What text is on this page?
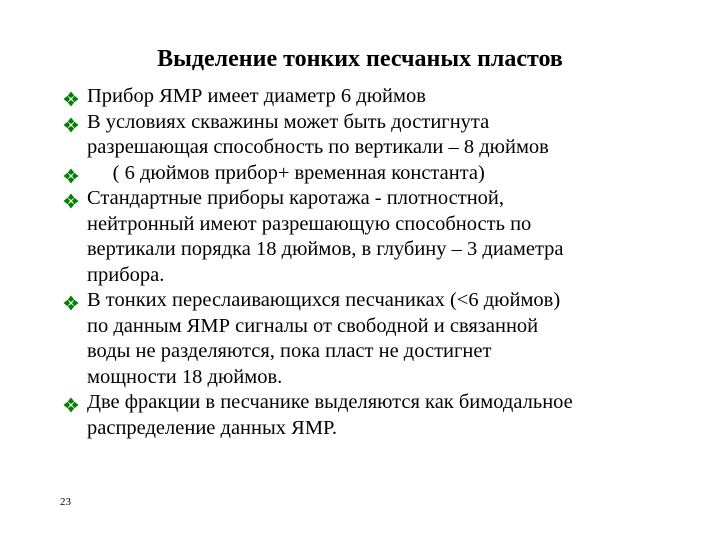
Выделение тонких песчаных пластов
Прибор ЯМР имеет диаметр 6 дюймов
В условиях скважины может быть достигнута
разрешающая способность по вертикали – 8 дюймов
( 6 дюймов прибор+ временная константа)
Стандартные приборы каротажа - плотностной,
нейтронный имеют разрешающую способность по
вертикали порядка 18 дюймов, в глубину – 3 диаметра
прибора.
В тонких переслаивающихся песчаниках (<6 дюймов)
по данным ЯМР сигналы от свободной и связанной
воды не разделяются, пока пласт не достигнет
мощности 18 дюймов.
Две фракции в песчанике выделяются как бимодальное
распределение данных ЯМР.
23
